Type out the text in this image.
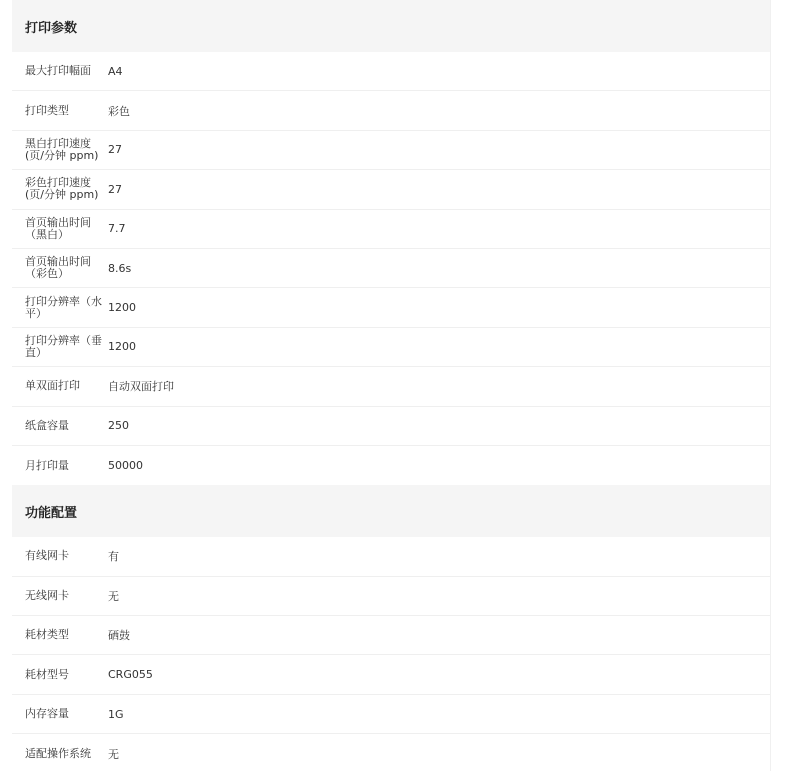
打印参数
最大打印幅面	A4
打印类型	彩色
黑白打印速度(页/分钟 ppm) 27
彩色打印速度(页/分钟 ppm) 27
首页输出时间（黑白）	7.7
首页输出时间（彩色）	8.6s
打印分辨率（水平）	1200
打印分辨率（垂直）	1200
单双面打印	自动双面打印
纸盒容量	250
月打印量	50000
功能配置
有线网卡	有
无线网卡	无
耗材类型	硒鼓
耗材型号	CRG055
内存容量	1G
适配操作系统	无
